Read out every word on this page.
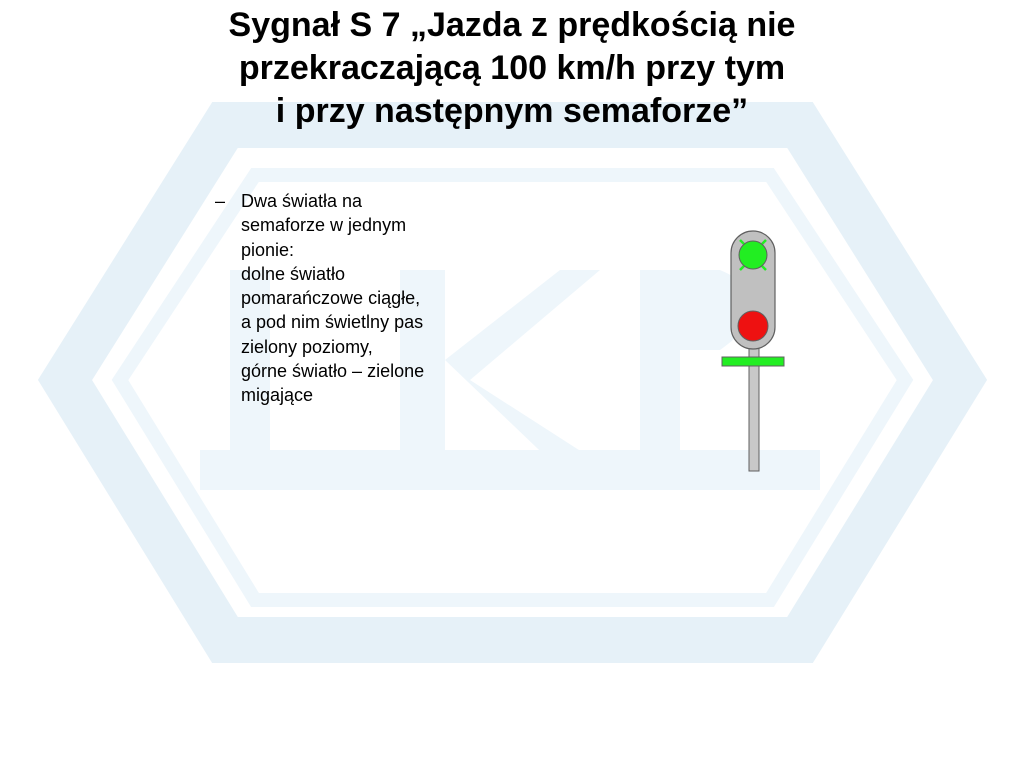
Sygnał S 7 „Jazda z prędkością nie
przekraczającą 100 km/h przy tym
i przy następnym semaforze”
– Dwa światła na
semaforze w jednym
pionie:
dolne światło
pomarańczowe ciągłe,
a pod nim świetlny pas
zielony poziomy,
górne światło – zielone
migające
